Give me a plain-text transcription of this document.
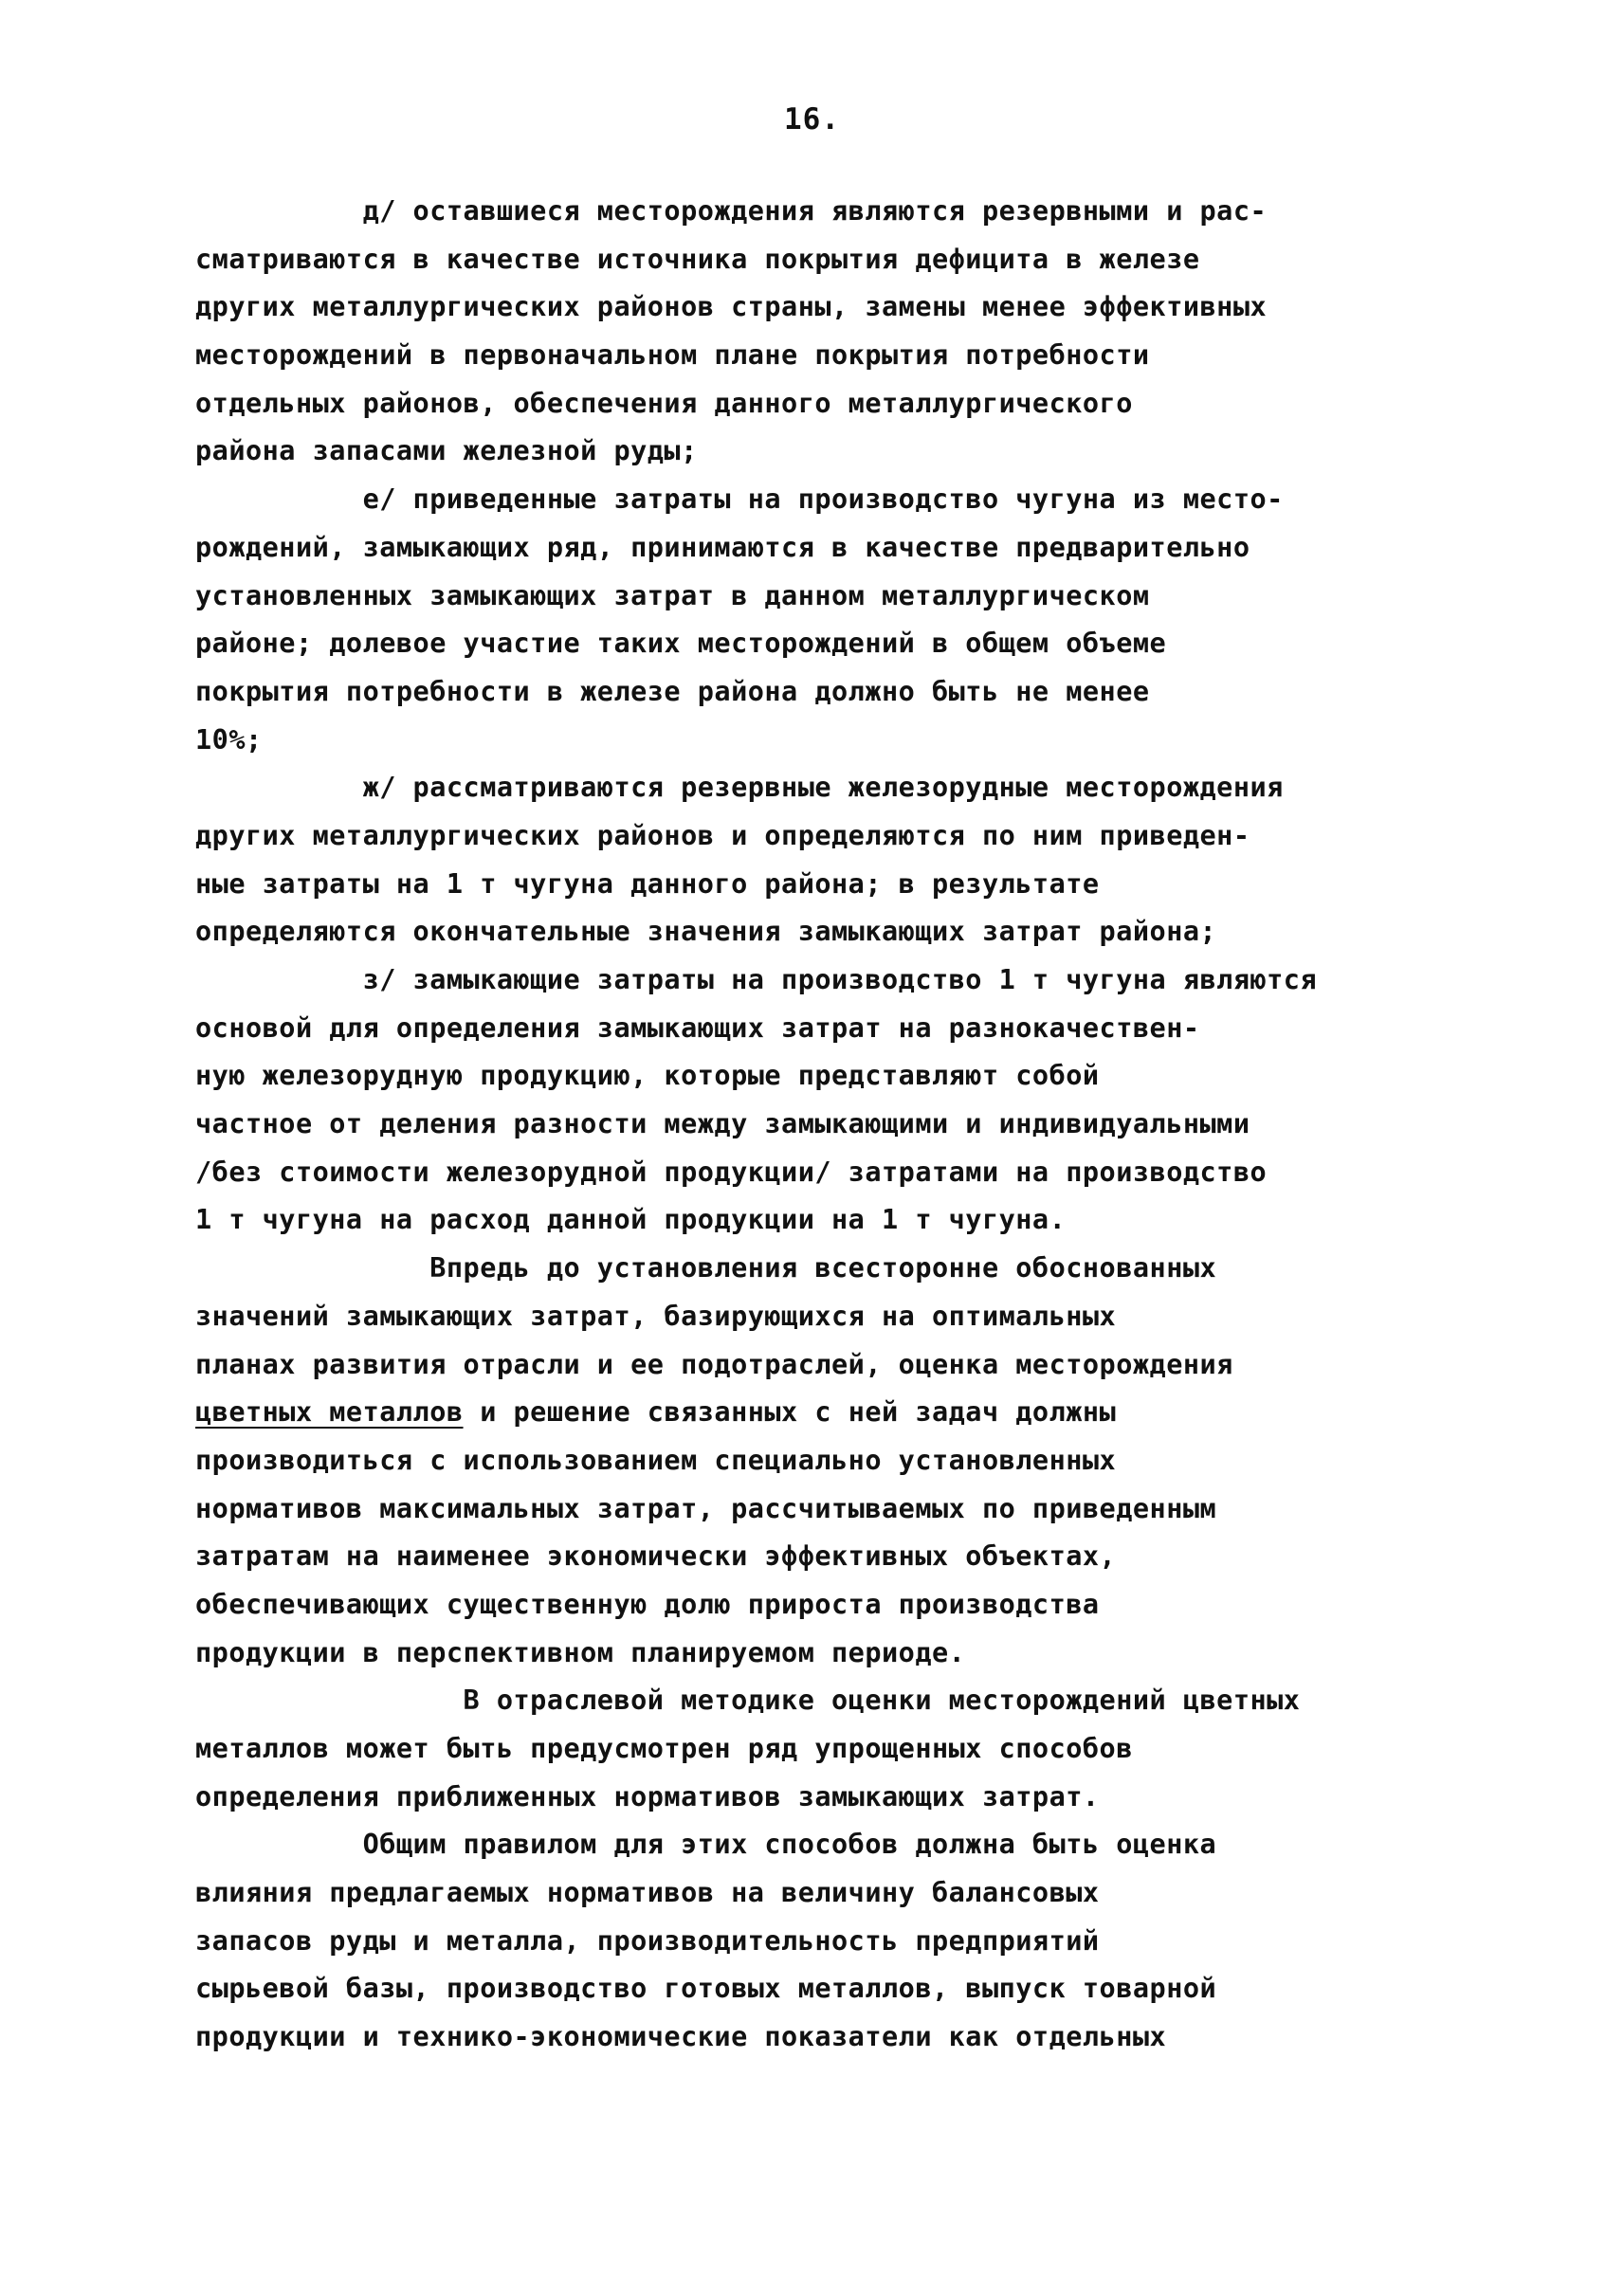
16.
д/ оставшиеся месторождения являются резервными и рас-
сматриваются в качестве источника покрытия дефицита в железе
других металлургических районов страны, замены менее эффективных
месторождений в первоначальном плане покрытия потребности
отдельных районов, обеспечения данного металлургического
района запасами железной руды;
е/ приведенные затраты на производство чугуна из место-
рождений, замыкающих ряд, принимаются в качестве предварительно
установленных замыкающих затрат в данном металлургическом
районе; долевое участие таких месторождений в общем объеме
покрытия потребности в железе района должно быть не менее
10%;
ж/ рассматриваются резервные железорудные месторождения
других металлургических районов и определяются по ним приведен-
ные затраты на 1 т чугуна данного района; в результате
определяются окончательные значения замыкающих затрат района;
з/ замыкающие затраты на производство 1 т чугуна являются
основой для определения замыкающих затрат на разнокачествен-
ную железорудную продукцию, которые представляют собой
частное от деления разности между замыкающими и индивидуальными
/без стоимости железорудной продукции/ затратами на производство
1 т чугуна на расход данной продукции на 1 т чугуна.
Впредь до установления всесторонне обоснованных
значений замыкающих затрат, базирующихся на оптимальных
планах развития отрасли и ее подотраслей, оценка месторождения
цветных металлов и решение связанных с ней задач должны
производиться с использованием специально установленных
нормативов максимальных затрат, рассчитываемых по приведенным
затратам на наименее экономически эффективных объектах,
обеспечивающих существенную долю прироста производства
продукции в перспективном планируемом периоде.
В отраслевой методике оценки месторождений цветных
металлов может быть предусмотрен ряд упрощенных способов
определения приближенных нормативов замыкающих затрат.
Общим правилом для этих способов должна быть оценка
влияния предлагаемых нормативов на величину балансовых
запасов руды и металла, производительность предприятий
сырьевой базы, производство готовых металлов, выпуск товарной
продукции и технико-экономические показатели как отдельных
